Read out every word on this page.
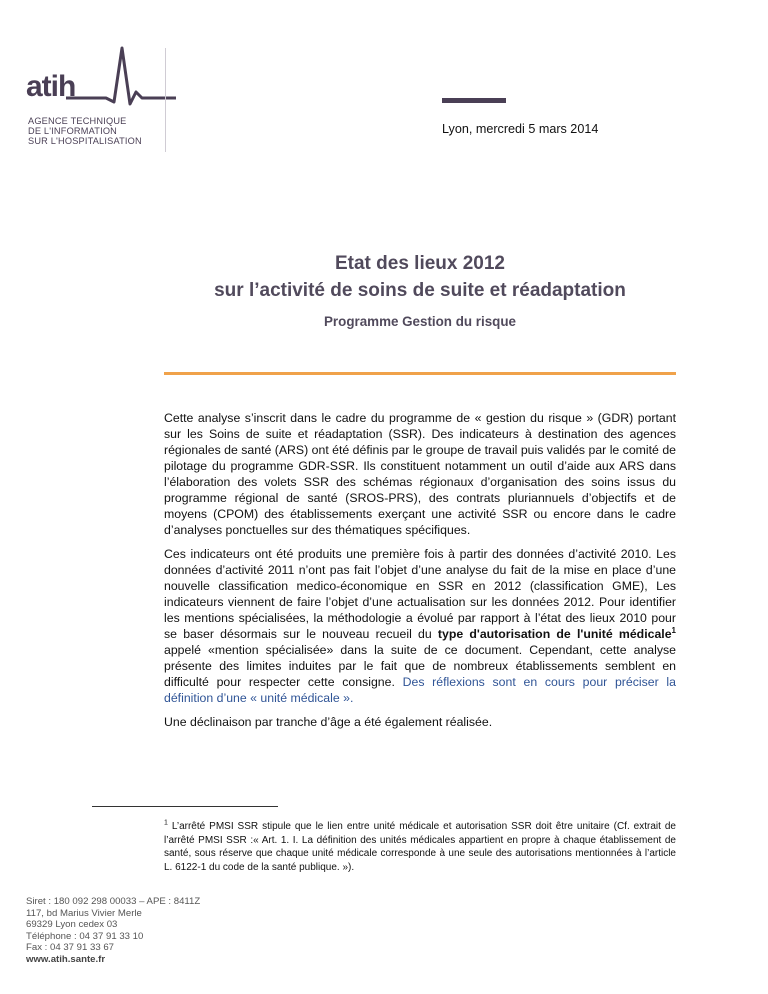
atih
AGENCE TECHNIQUE
DE L'INFORMATION
SUR L'HOSPITALISATION
Lyon, mercredi 5 mars 2014
Etat des lieux 2012
sur l’activité de soins de suite et réadaptation
Programme Gestion du risque

Cette analyse s’inscrit dans le cadre du programme de « gestion du risque » (GDR) portant sur les Soins de suite et réadaptation (SSR). Des indicateurs à destination des agences régionales de santé (ARS) ont été définis par le groupe de travail puis validés par le comité de pilotage du programme GDR-SSR. Ils constituent notamment un outil d’aide aux ARS dans l’élaboration des volets SSR des schémas régionaux d’organisation des soins issus du programme régional de santé (SROS-PRS), des contrats pluriannuels d’objectifs et de moyens (CPOM) des établissements exerçant une activité SSR ou encore dans le cadre d’analyses ponctuelles sur des thématiques spécifiques.

Ces indicateurs ont été produits une première fois à partir des données d’activité 2010. Les données d’activité 2011 n’ont pas fait l’objet d’une analyse du fait de la mise en place d’une nouvelle classification medico-économique en SSR en 2012 (classification GME), Les indicateurs viennent de faire l’objet d’une actualisation sur les données 2012. Pour identifier les mentions spécialisées, la méthodologie a évolué par rapport à l’état des lieux 2010 pour se baser désormais sur le nouveau recueil du type d'autorisation de l'unité médicale$^1$ appelé «mention spécialisée» dans la suite de ce document. Cependant, cette analyse présente des limites induites par le fait que de nombreux établissements semblent en difficulté pour respecter cette consigne. Des réflexions sont en cours pour préciser la définition d’une « unité médicale ».

Une déclinaison par tranche d’âge a été également réalisée.

$^1$ L’arrêté PMSI SSR stipule que le lien entre unité médicale et autorisation SSR doit être unitaire (Cf. extrait de l’arrêté PMSI SSR :« Art. 1. I. La définition des unités médicales appartient en propre à chaque établissement de santé, sous réserve que chaque unité médicale corresponde à une seule des autorisations mentionnées à l’article L. 6122-1 du code de la santé publique. »).
Siret : 180 092 298 00033 – APE : 8411Z
117, bd Marius Vivier Merle
69329 Lyon cedex 03
Téléphone : 04 37 91 33 10
Fax : 04 37 91 33 67
www.atih.sante.fr
